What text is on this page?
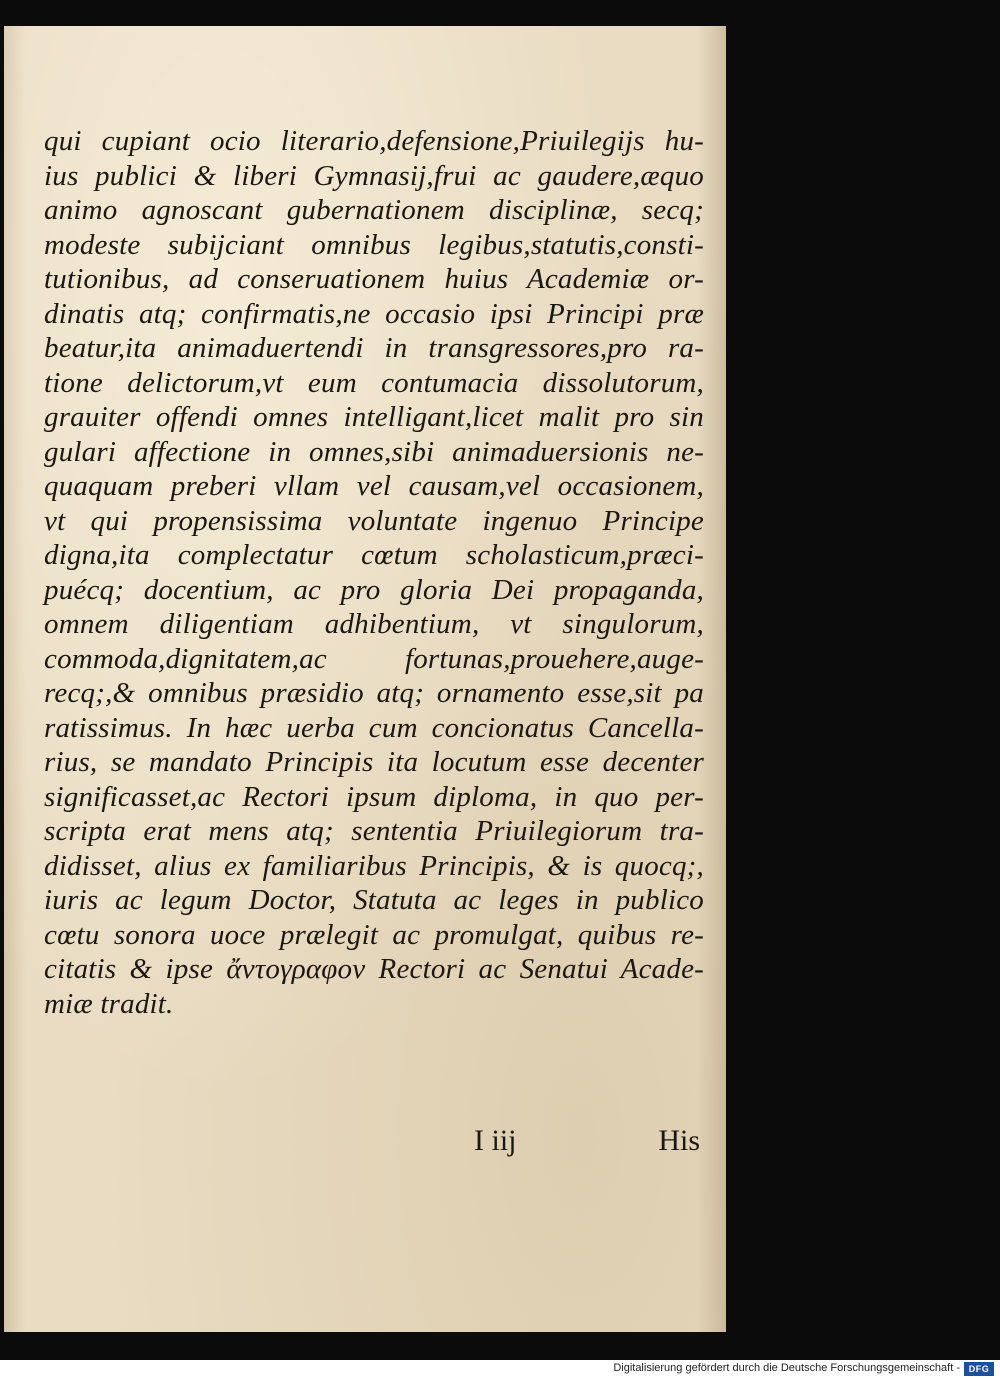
qui cupiant ocio literario,defensione,Priuilegijs hu-
ius publici & liberi Gymnasij,frui ac gaudere,æquo
animo agnoscant gubernationem disciplinæ, secq;
modeste subijciant omnibus legibus,statutis,consti-
tutionibus, ad conseruationem huius Academiæ or-
dinatis atq; confirmatis,ne occasio ipsi Principi præ
beatur,ita animaduertendi in transgressores,pro ra-
tione delictorum,vt eum contumacia dissolutorum,
grauiter offendi omnes intelligant,licet malit pro sin
gulari affectione in omnes,sibi animaduersionis ne-
quaquam preberi vllam vel causam,vel occasionem,
vt qui propensissima voluntate ingenuo Principe
digna,ita complectatur cœtum scholasticum,præci-
puécq; docentium, ac pro gloria Dei propaganda,
omnem diligentiam adhibentium, vt singulorum,
commoda,dignitatem,ac fortunas,prouehere,auge-
recq;,& omnibus præsidio atq; ornamento esse,sit pa
ratissimus. In hæc uerba cum concionatus Cancella-
rius, se mandato Principis ita locutum esse decenter
significasset,ac Rectori ipsum diploma, in quo per-
scripta erat mens atq; sententia Priuilegiorum tra-
didisset, alius ex familiaribus Principis, & is quocq;,
iuris ac legum Doctor, Statuta ac leges in publico
cœtu sonora uoce prælegit ac promulgat, quibus re-
citatis & ipse ἄντογραφον Rectori ac Senatui Acade-
miæ tradit.
I iij	His
Digitalisierung gefördert durch die Deutsche Forschungsgemeinschaft - DFG
